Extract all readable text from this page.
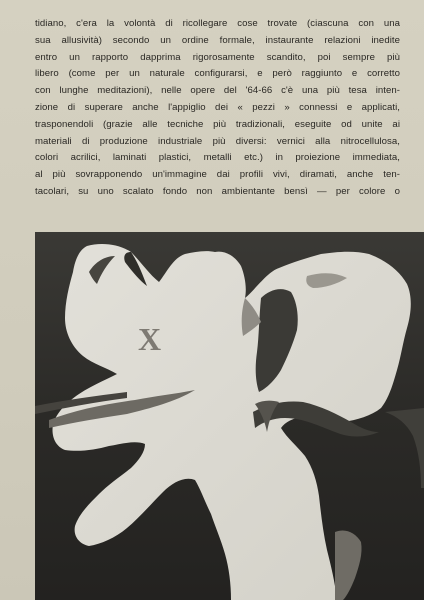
tidiano, c'era la volontà di ricollegare cose trovate (ciascuna con una
sua allusività) secondo un ordine formale, instaurante relazioni inedite
entro un rapporto dapprima rigorosamente scandito, poi sempre più
libero (come per un naturale configurarsi, e però raggiunto e corretto
con lunghe meditazioni), nelle opere del '64-66 c'è una più tesa inten-
zione di superare anche l'appiglio dei « pezzi » connessi e applicati,
trasponendoli (grazie alle tecniche più tradizionali, eseguite od unite ai
materiali di produzione industriale più diversi: vernici alla nitrocellulosa,
colori acrilici, laminati plastici, metalli etc.) in proiezione immediata,
al più sovrapponendo un'immagine dai profili vivi, diramati, anche ten-
tacolari, su uno scalato fondo non ambientante bensì — per colore o
X
